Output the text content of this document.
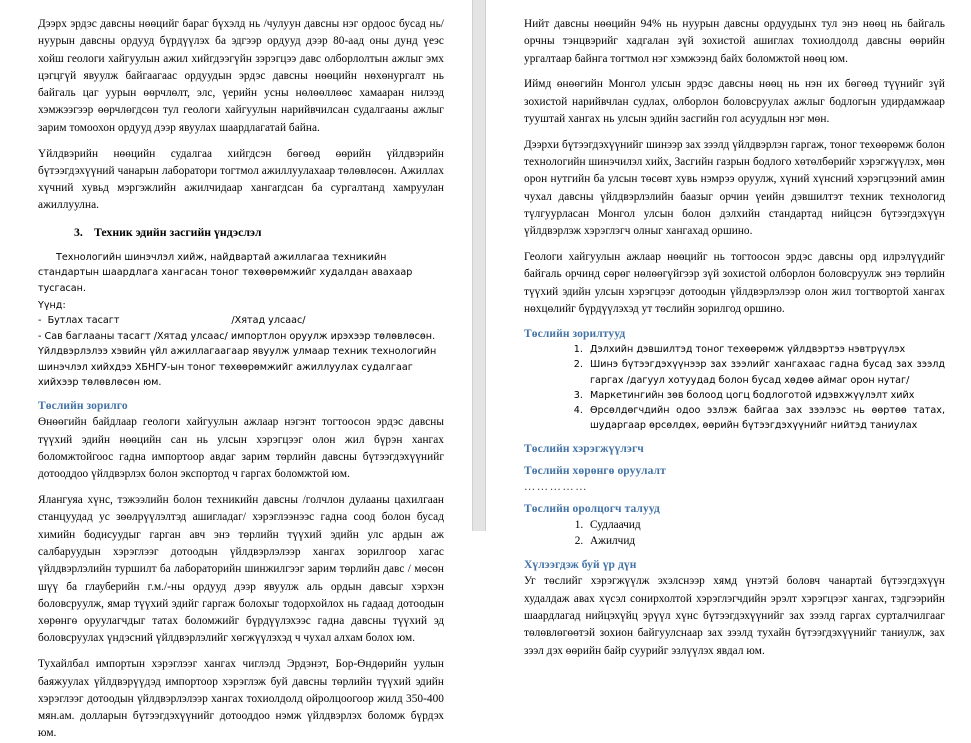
Дээрх эрдэс давсны нөөцийг бараг бүхэлд нь /чулуун давсны нэг ордоос бусад нь/ нуурын давсны ордууд бүрдүүлэх ба эдгээр ордууд дээр 80-аад оны дунд үеэс хойш геологи хайгуулын ажил хийгдээгүйн зэрэгцээ давс олборлолтын ажлыг эмх цэгцгүй явуулж байгаагаас ордуудын эрдэс давсны нөөцийн нөхөнургалт нь байгаль цаг уурын өөрчлөлт, элс, үерийн усны нөлөөллөөс хамааран нилээд хэмжээгээр өөрчлөгдсөн тул геологи хайгуулын нарийвчилсан судалгааны ажлыг зарим томоохон ордууд дээр явуулах шаардлагатай байна.

Үйлдвэрийн нөөцийн судалгаа хийгдсэн бөгөөд өөрийн үйлдвэрийн бүтээгдэхүүний чанарын лаборатори тогтмол ажиллуулахаар төлөвлөсөн. Ажиллах хүчний хувьд мэргэжлийн ажилчидаар хангагдсан ба сургалтанд хамруулан ажиллуулна.

3. Техник эдийн засгийн үндэслэл

Технологийн шинэчлэл хийж, найдвартай ажиллагаа техникийн стандартын шаардлага хангасан тоног төхөөрөмжийг худалдан авахаар тусгасан.

Үүнд:

- Бутлах тасагт	/Хятад улсаас/

- Сав баглааны тасагт /Хятад улсаас/ импортлон оруулж ирэхээр төлөвлөсөн. Үйлдвэрлэлээ хэвийн үйл ажиллагаагаар явуулж улмаар техник технологийн шинэчлэл хийхдээ ХБНГУ-ын тоног төхөөрөмжийг ажиллуулах судалгааг хийхээр төлөвлөсөн юм.

Төслийн зорилго

Өнөөгийн байдлаар геологи хайгуулын ажлаар нэгэнт тогтоосон эрдэс давсны түүхий эдийн нөөцийн сан нь улсын хэрэгцээг олон жил бүрэн хангах боломжтойгоос гадна импортоор авдаг зарим төрлийн давсны бүтээгдэхүүнийг дотооддоо үйлдвэрлэх болон экспортод ч гаргах боломжтой юм.

Ялангуяа хүнс, тэжээлийн болон техникийн давсны /голчлон дулааны цахилгаан станцуудад ус зөөлрүүлэлтэд ашигладаг/ хэрэглээнээс гадна соод болон бусад химийн бодисуудыг гарган авч энэ төрлийн түүхий эдийн улс ардын аж салбаруудын хэрэглээг дотоодын үйлдвэрлэлээр хангах зорилгоор хагас үйлдвэрлэлийн туршилт ба лабораторийн шинжилгээг зарим төрлийн давс / мөсөн шүү ба глауберийн г.м./-ны ордууд дээр явуулж аль ордын давсыг хэрхэн боловсруулж, ямар түүхий эдийг гаргаж болохыг тодорхойлох нь гадаад дотоодын хөрөнгө оруулагчдыг татах боломжийг бүрдүүлэхээс гадна давсны түүхий эд боловсруулах үндэсний үйлдвэрлэлийг хөгжүүлэхэд ч чухал алхам болох юм.

Тухайлбал импортын хэрэглээг хангах чиглэлд Эрдэнэт, Бор-Өндөрийн уулын баяжуулах үйлдвэрүүдэд импортоор хэрэглэж буй давсны төрлийн түүхий эдийн хэрэглээг дотоодын үйлдвэрлэлээр хангах тохиолдолд ойролцоогоор жилд 350-400 мян.ам. долларын бүтээгдэхүүнийг дотооддоо нэмж үйлдвэрлэх боломж бүрдэх юм.

Нийт давсны нөөцийн 94% нь нуурын давсны ордуудынх тул энэ нөөц нь байгаль орчны тэнцвэрийг хадгалан зүй зохистой ашиглах тохиолдолд давсны өөрийн ургалтаар байнга тогтмол нэг хэмжээнд байх боломжтой нөөц юм.

Иймд өнөөгийн Монгол улсын эрдэс давсны нөөц нь нэн их бөгөөд түүнийг зүй зохистой нарийвчлан судлах, олборлон боловсруулах ажлыг бодлогын удирдамжаар тууштай хангах нь улсын эдийн засгийн гол асуудлын нэг мөн.

Дээрхи бүтээгдэхүүнийг шинээр зах зээлд үйлдвэрлэн гаргаж, тоног техөөрөмж болон технологийн шинэчилэл хийх, Засгийн газрын бодлого хөтөлбөрийг хэрэгжүүлэх, мөн орон нутгийн ба улсын төсөвт хувь нэмрээ оруулж, хүний хүнсний хэрэгцээний амин чухал давсны үйлдвэрлэлийн баазыг орчин үеийн дэвшилтэт техник технологид түлгуурласан Монгол улсын болон дэлхийн стандартад нийцсэн бүтээгдэхүүн үйлдвэрлэж хэрэглэгч олныг хангахад оршино.

Геологи хайгуулын ажлаар нөөцийг нь тогтоосон эрдэс давсны орд илрэлүүдийг байгаль орчинд сөрөг нөлөөгүйгээр зүй зохистой олборлон боловсруулж энэ төрлийн түүхий эдийн улсын хэрэгцээг дотоодын үйлдвэрлэлээр олон жил тогтвортой хангах нөхцөлийг бүрдүүлэхэд ут төслийн зорилгод оршино.

Төслийн зорилтууд
1. Дэлхийн дэвшилтэд тоног техөөрөмж үйлдвэртээ нэвтрүүлэх
2. Шинэ бүтээгдэхүүнээр зах зээлийг хангахаас гадна бусад зах зээлд гаргах /дагуул хотуудад болон бусад хөдөө аймаг орон нутаг/
3. Маркетингийн зөв болоод цогц бодлоготой идэвхжүүлэлт хийх
4. Өрсөлдөгчдийн одоо эзлэж байгаа зах зээлээс нь өөртөө татах, шударгаар өрсөлдөх, өөрийн бүтээгдэхүүнийг нийтэд таниулах
Төслийн хэрэгжүүлэгч
Төслийн хөрөнгө оруулалт
……………
Төслийн оролцогч талууд
1. Судлаачид
2. Ажилчид
Хүлээгдэж буй үр дүн

Уг төслийг хэрэгжүүлж эхэлснээр хямд үнэтэй боловч чанартай бүтээгдэхүүн худалдаж авах хүсэл сонирхолтой хэрэглэгчдийн эрэлт хэрэгцээг хангах, тэдгээрийн шаардлагад нийцэхүйц эрүүл хүнс бүтээгдэхүүнийг зах зээлд гаргах сурталчилгааг төлөвлөгөөтэй зохион байгуулснаар зах зээлд тухайн бүтээгдэхүүнийг таниулж, зах зээл дэх өөрийн байр суурийг эзлүүлэх явдал юм.
